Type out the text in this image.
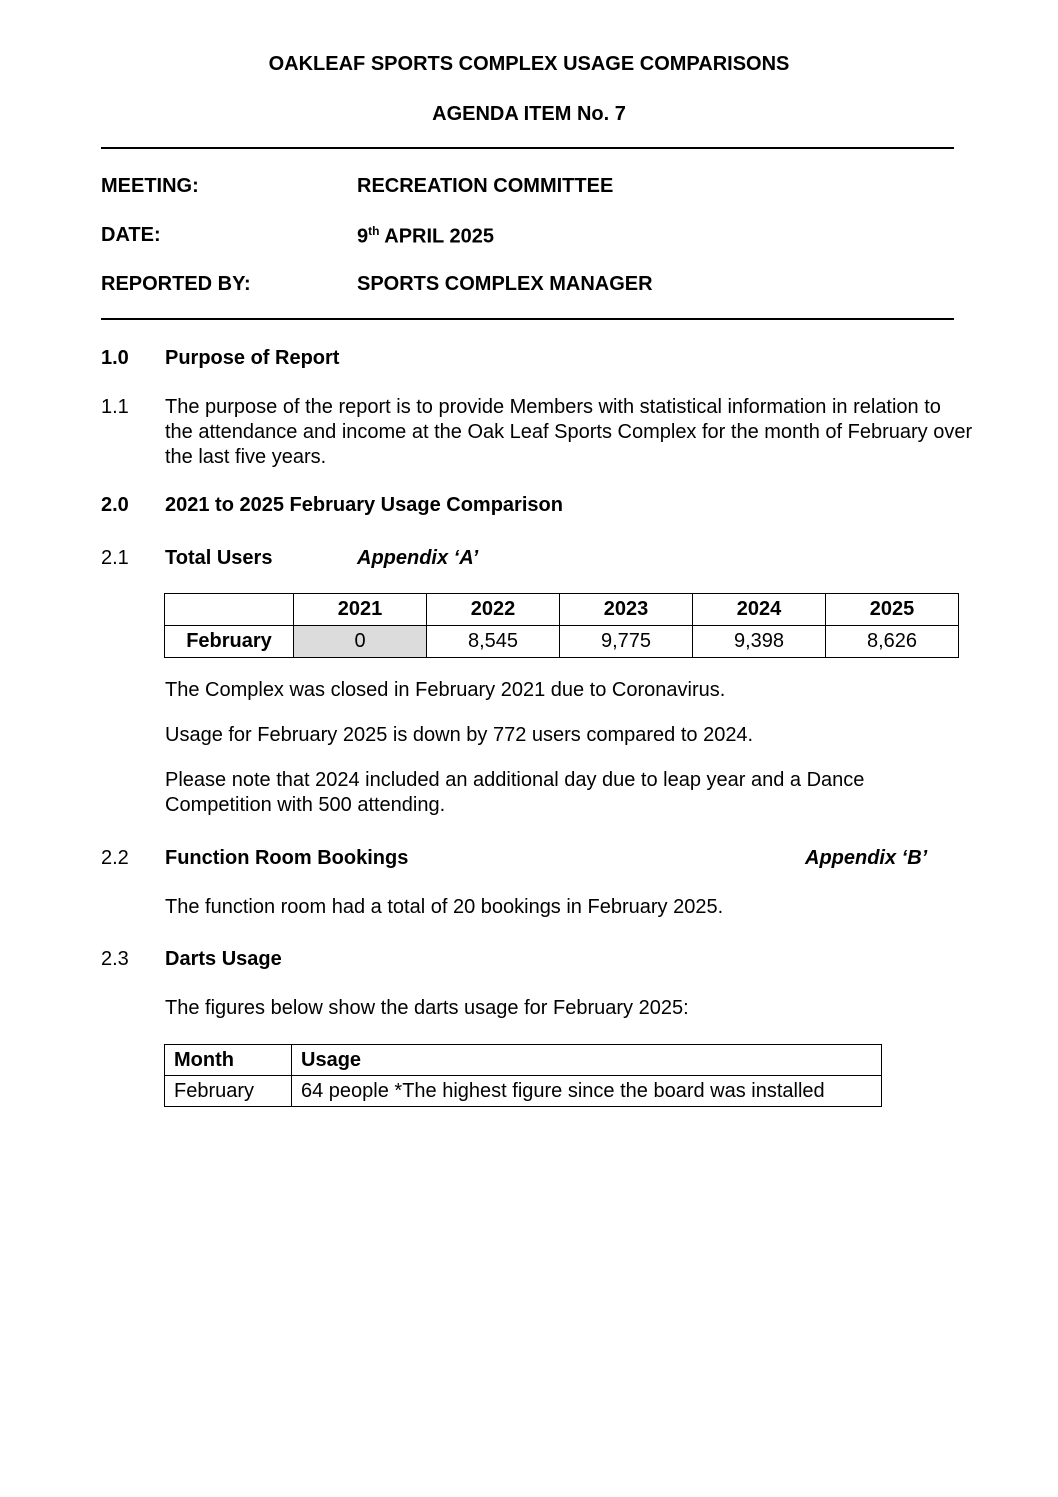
OAKLEAF SPORTS COMPLEX USAGE COMPARISONS
AGENDA ITEM No. 7
MEETING:	RECREATION COMMITTEE
DATE:	9th APRIL 2025
REPORTED BY:	SPORTS COMPLEX MANAGER
1.0 Purpose of Report
1.1 The purpose of the report is to provide Members with statistical information in relation to the attendance and income at the Oak Leaf Sports Complex for the month of February over the last five years.
2.0 2021 to 2025 February Usage Comparison
2.1 Total Users	Appendix ‘A’
	2021	2022	2023	2024	2025
February	0	8,545	9,775	9,398	8,626
The Complex was closed in February 2021 due to Coronavirus.
Usage for February 2025 is down by 772 users compared to 2024.
Please note that 2024 included an additional day due to leap year and a Dance Competition with 500 attending.
2.2 Function Room Bookings	Appendix ‘B’
The function room had a total of 20 bookings in February 2025.
2.3 Darts Usage
The figures below show the darts usage for February 2025:
Month	Usage
February	64 people *The highest figure since the board was installed
